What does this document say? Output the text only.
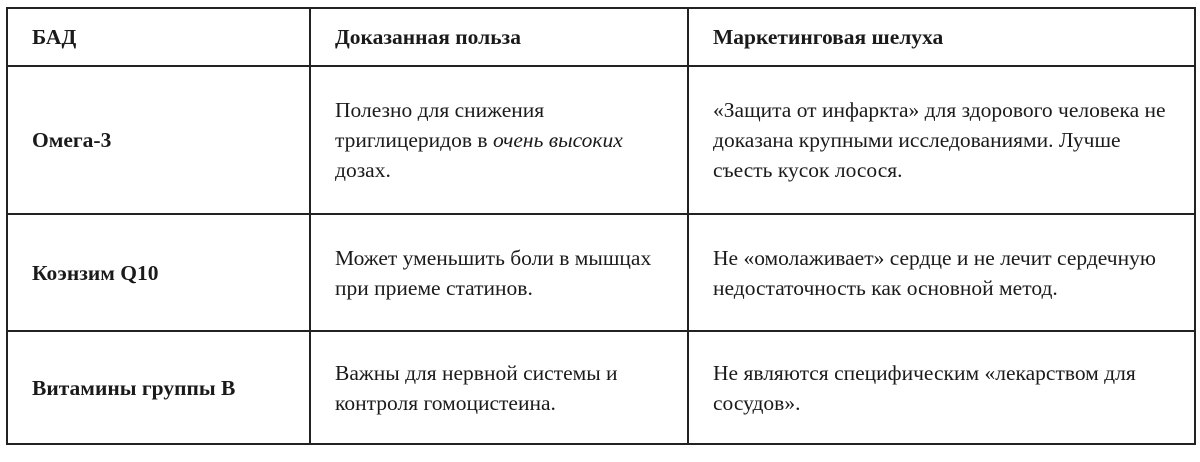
БАД	Доказанная польза	Маркетинговая шелуха
Омега-3	Полезно для снижения триглицеридов в очень высоких дозах.	«Защита от инфаркта» для здорового человека не доказана крупными исследованиями. Лучше съесть кусок лосося.
Коэнзим Q10	Может уменьшить боли в мышцах при приеме статинов.	Не «омолаживает» сердце и не лечит сердечную недостаточность как основной метод.
Витамины группы B	Важны для нервной системы и контроля гомоцистеина.	Не являются специфическим «лекарством для сосудов».
